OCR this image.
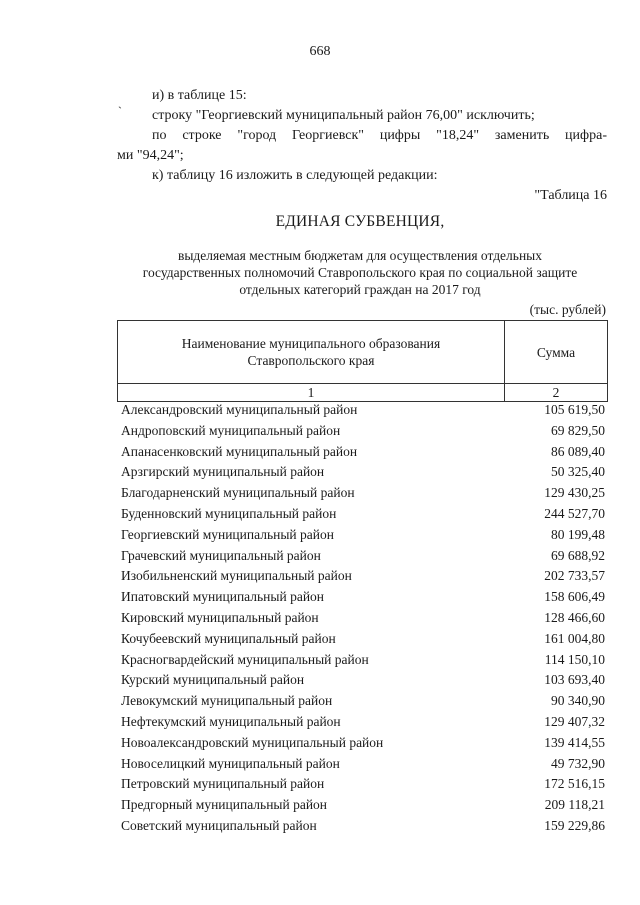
668
и) в таблице 15:
` строку "Георгиевский муниципальный район 76,00" исключить;
по строке "город Георгиевск" цифры "18,24" заменить цифра-
ми "94,24";
к) таблицу 16 изложить в следующей редакции:
"Таблица 16
ЕДИНАЯ СУБВЕНЦИЯ,
выделяемая местным бюджетам для осуществления отдельных
государственных полномочий Ставропольского края по социальной защите
отдельных категорий граждан на 2017 год
(тыс. рублей)
Наименование муниципального образования
Ставропольского края	Сумма
1	2
Александровский муниципальный район	105 619,50
Андроповский муниципальный район	69 829,50
Апанасенковский муниципальный район	86 089,40
Арзгирский муниципальный район	50 325,40
Благодарненский муниципальный район	129 430,25
Буденновский муниципальный район	244 527,70
Георгиевский муниципальный район	80 199,48
Грачевский муниципальный район	69 688,92
Изобильненский муниципальный район	202 733,57
Ипатовский муниципальный район	158 606,49
Кировский муниципальный район	128 466,60
Кочубеевский муниципальный район	161 004,80
Красногвардейский муниципальный район	114 150,10
Курский муниципальный район	103 693,40
Левокумский муниципальный район	90 340,90
Нефтекумский муниципальный район	129 407,32
Новоалександровский муниципальный район	139 414,55
Новоселицкий муниципальный район	49 732,90
Петровский муниципальный район	172 516,15
Предгорный муниципальный район	209 118,21
Советский муниципальный район	159 229,86
